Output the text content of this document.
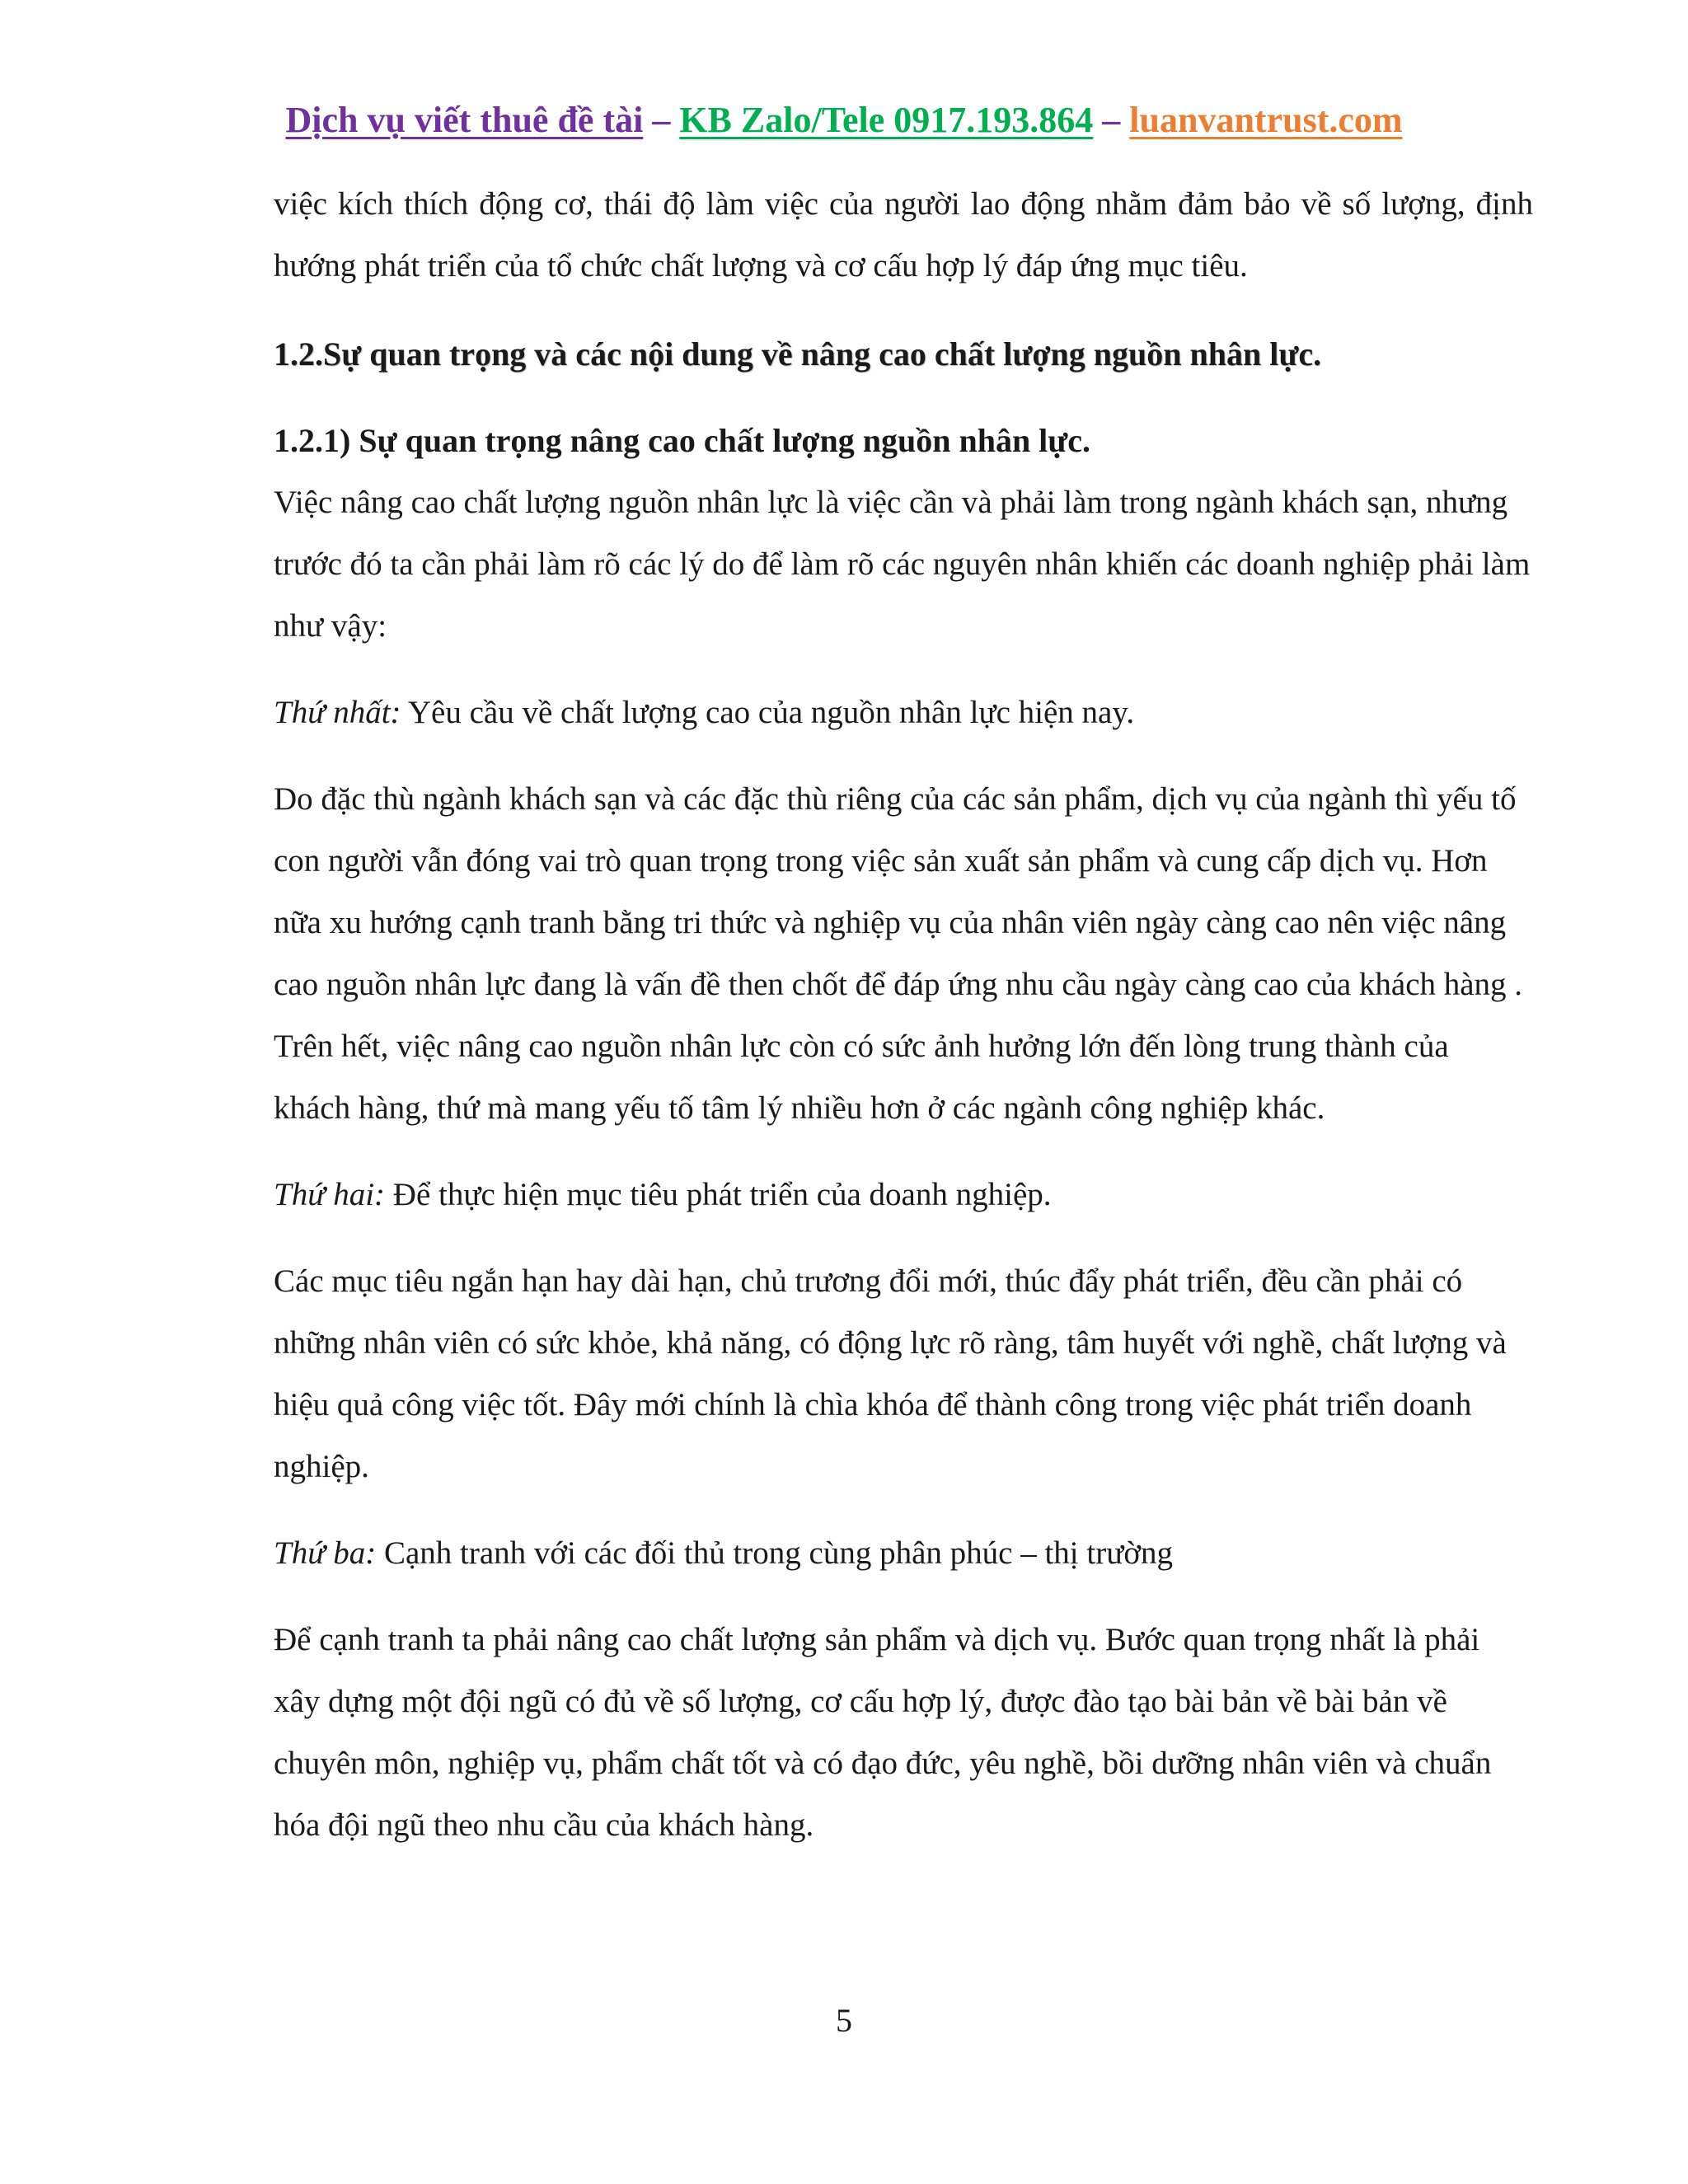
Dịch vụ viết thuê đề tài – KB Zalo/Tele 0917.193.864 – luanvantrust.com

việc kích thích động cơ, thái độ làm việc của người lao động nhằm đảm bảo về số lượng, định hướng phát triển của tổ chức chất lượng và cơ cấu hợp lý đáp ứng mục tiêu.

1.2.Sự quan trọng và các nội dung về nâng cao chất lượng nguồn nhân lực.

1.2.1) Sự quan trọng nâng cao chất lượng nguồn nhân lực.

Việc nâng cao chất lượng nguồn nhân lực là việc cần và phải làm trong ngành khách sạn, nhưng trước đó ta cần phải làm rõ các lý do để làm rõ các nguyên nhân khiến các doanh nghiệp phải làm như vậy:

Thứ nhất: Yêu cầu về chất lượng cao của nguồn nhân lực hiện nay.

Do đặc thù ngành khách sạn và các đặc thù riêng của các sản phẩm, dịch vụ của ngành thì yếu tố con người vẫn đóng vai trò quan trọng trong việc sản xuất sản phẩm và cung cấp dịch vụ. Hơn nữa xu hướng cạnh tranh bằng tri thức và nghiệp vụ của nhân viên ngày càng cao nên việc nâng cao nguồn nhân lực đang là vấn đề then chốt để đáp ứng nhu cầu ngày càng cao của khách hàng . Trên hết, việc nâng cao nguồn nhân lực còn có sức ảnh hưởng lớn đến lòng trung thành của khách hàng, thứ mà mang yếu tố tâm lý nhiều hơn ở các ngành công nghiệp khác.

Thứ hai: Để thực hiện mục tiêu phát triển của doanh nghiệp.

Các mục tiêu ngắn hạn hay dài hạn, chủ trương đổi mới, thúc đẩy phát triển, đều cần phải có những nhân viên có sức khỏe, khả năng, có động lực rõ ràng, tâm huyết với nghề, chất lượng và hiệu quả công việc tốt. Đây mới chính là chìa khóa để thành công trong việc phát triển doanh nghiệp.

Thứ ba: Cạnh tranh với các đối thủ trong cùng phân phúc – thị trường

Để cạnh tranh ta phải nâng cao chất lượng sản phẩm và dịch vụ. Bước quan trọng nhất là phải xây dựng một đội ngũ có đủ về số lượng, cơ cấu hợp lý, được đào tạo bài bản về bài bản về chuyên môn, nghiệp vụ, phẩm chất tốt và có đạo đức, yêu nghề, bồi dưỡng nhân viên và chuẩn hóa đội ngũ theo nhu cầu của khách hàng.

5
